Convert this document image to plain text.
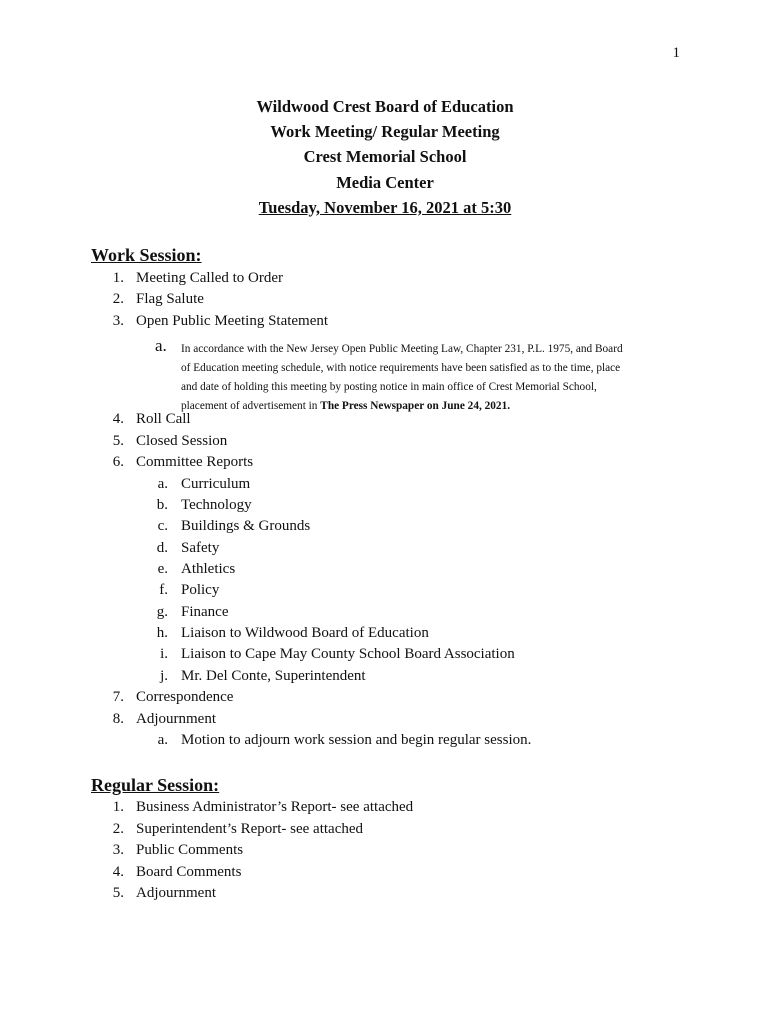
1
Wildwood Crest Board of Education
Work Meeting/ Regular Meeting
Crest Memorial School
Media Center
Tuesday, November 16, 2021 at 5:30
Work Session:
1. Meeting Called to Order
2. Flag Salute
3. Open Public Meeting Statement
a. In accordance with the New Jersey Open Public Meeting Law, Chapter 231, P.L. 1975, and Board
of Education meeting schedule, with notice requirements have been satisfied as to the time, place
and date of holding this meeting by posting notice in main office of Crest Memorial School,
placement of advertisement in The Press Newspaper on June 24, 2021.
4. Roll Call
5. Closed Session
6. Committee Reports
a. Curriculum
b. Technology
c. Buildings & Grounds
d. Safety
e. Athletics
f. Policy
g. Finance
h. Liaison to Wildwood Board of Education
i. Liaison to Cape May County School Board Association
j. Mr. Del Conte, Superintendent
7. Correspondence
8. Adjournment
a. Motion to adjourn work session and begin regular session.
Regular Session:
1. Business Administrator’s Report- see attached
2. Superintendent’s Report- see attached
3. Public Comments
4. Board Comments
5. Adjournment
